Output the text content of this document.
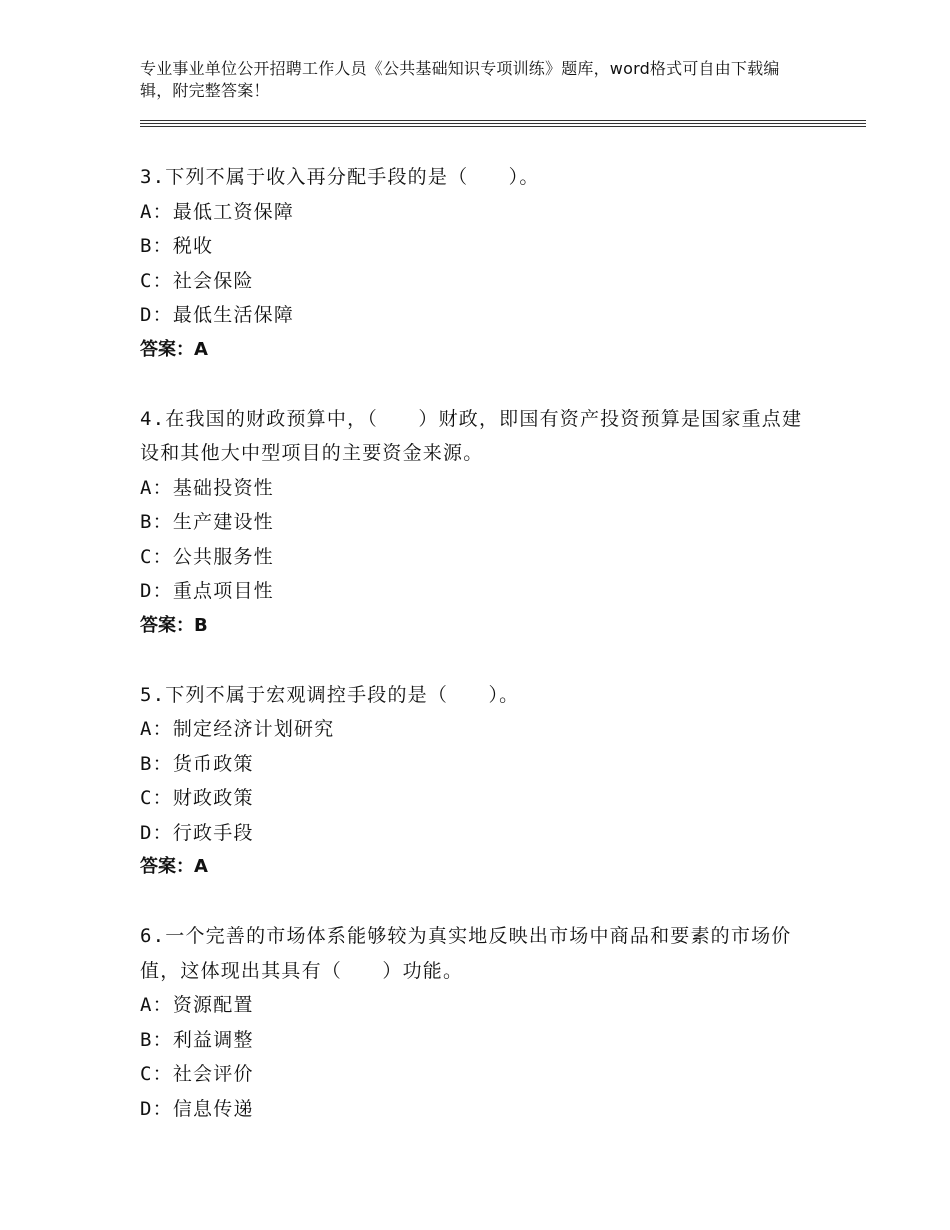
专业事业单位公开招聘工作人员《公共基础知识专项训练》题库，word格式可自由下载编辑，附完整答案！

3.下列不属于收入再分配手段的是（　　）。

A：最低工资保障

B：税收

C：社会保险

D：最低生活保障

答案：A

4.在我国的财政预算中，（　　）财政，即国有资产投资预算是国家重点建设和其他大中型项目的主要资金来源。

A：基础投资性

B：生产建设性

C：公共服务性

D：重点项目性

答案：B

5.下列不属于宏观调控手段的是（　　）。

A：制定经济计划研究

B：货币政策

C：财政政策

D：行政手段

答案：A

6.一个完善的市场体系能够较为真实地反映出市场中商品和要素的市场价值，这体现出其具有（　　）功能。

A：资源配置

B：利益调整

C：社会评价

D：信息传递
